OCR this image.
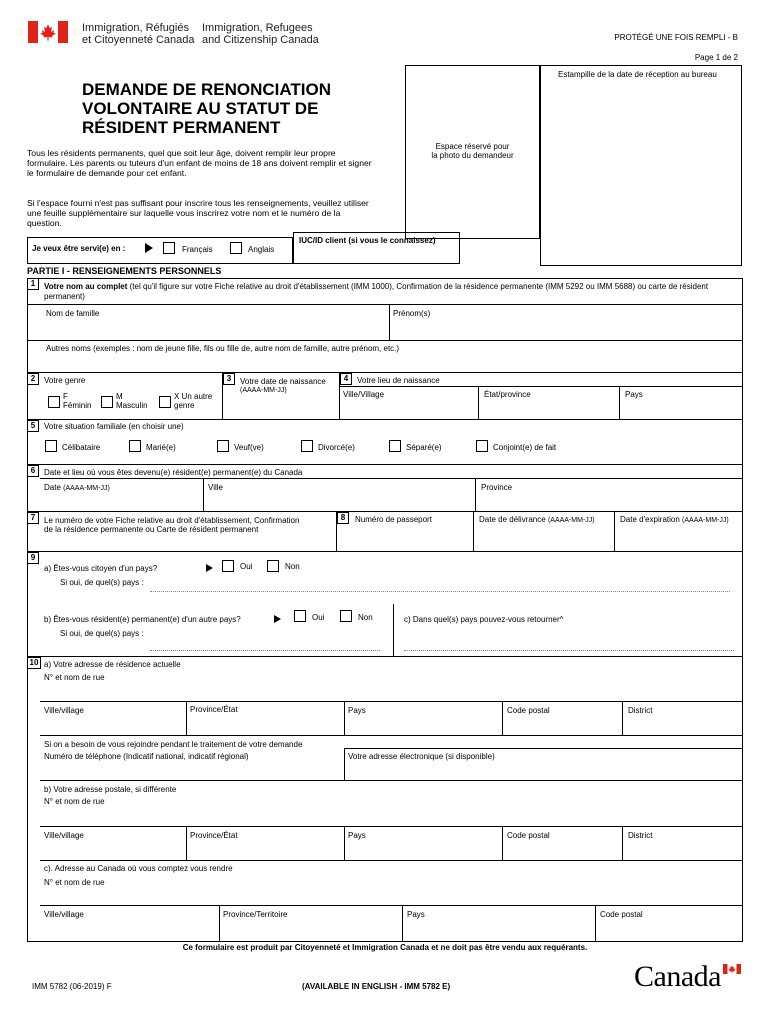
Immigration, Réfugiés
et Citoyenneté Canada
Immigration, Refugees
and Citizenship Canada	PROTÉGÉ UNE FOIS REMPLI - B
Page 1 de 2
Estampille de la date de réception au bureau
Espace réservé pour
la photo du demandeur
DEMANDE DE RENONCIATION VOLONTAIRE AU STATUT DE RÉSIDENT PERMANENT
Tous les résidents permanents, quel que soit leur âge, doivent remplir leur propre formulaire. Les parents ou tuteurs d'un enfant de moins de 18 ans doivent remplir et signer le formulaire de demande pour cet enfant.
Si l'espace fourni n'est pas suffisant pour inscrire tous les renseignements, veuillez utiliser une feuille supplémentaire sur laquelle vous inscrirez votre nom et le numéro de la question.
Je veux être servi(e) en :	Français	Anglais
IUC/ID client (si vous le connaissez)
PARTIE I - RENSEIGNEMENTS PERSONNELS
1	Votre nom au complet (tel qu'il figure sur votre Fiche relative au droit d'établissement (IMM 1000), Confirmation de la résidence permanente (IMM 5292 ou IMM 5688) ou carte de résident permanent)
Nom de famille	Prénom(s)
Autres noms (exemples : nom de jeune fille, fils ou fille de, autre nom de famille, autre prénom, etc.)
2	Votre genre
F
Féminin
M
Masculin
X Un autre
genre
3	Votre date de naissance
(AAAA-MM-JJ)
4	Votre lieu de naissance
Ville/Village	État/province	Pays
5	Votre situation familiale (en choisir une)
Célibataire	Marié(e)	Veuf(ve)	Divorcé(e)	Séparé(e)	Conjoint(e) de fait
6	Date et lieu où vous êtes devenu(e) résident(e) permanent(e) du Canada
Date (AAAA-MM-JJ)	Ville	Province
7	Le numéro de votre Fiche relative au droit d'établissement, Confirmation
de la résidence permanente ou Carte de résident permanent
8	Numéro de passeport	Date de délivrance (AAAA-MM-JJ)	Date d'expiration (AAAA-MM-JJ)
9
a) Êtes-vous citoyen d'un pays?	Oui	Non
Si oui, de quel(s) pays :
b) Êtes-vous résident(e) permanent(e) d'un autre pays?	Oui	Non
Si oui, de quel(s) pays :
c) Dans quel(s) pays pouvez-vous retourner^
10 a) Votre adresse de résidence actuelle
N° et nom de rue
Ville/village	Province/État	Pays	Code postal	District
Si on a besoin de vous rejoindre pendant le traitement de votre demande
Numéro de téléphone (Indicatif national, indicatif régional)	Votre adresse électronique (si disponible)
b) Votre adresse postale, si différente
N° et nom de rue
Ville/village	Province/État	Pays	Code postal	District
c). Adresse au Canada où vous comptez vous rendre
N° et nom de rue
Ville/village	Province/Territoire	Pays	Code postal
Ce formulaire est produit par Citoyenneté et Immigration Canada et ne doit pas être vendu aux requérants.
IMM 5782 (06-2019) F	(AVAILABLE IN ENGLISH - IMM 5782 E)	Canada
